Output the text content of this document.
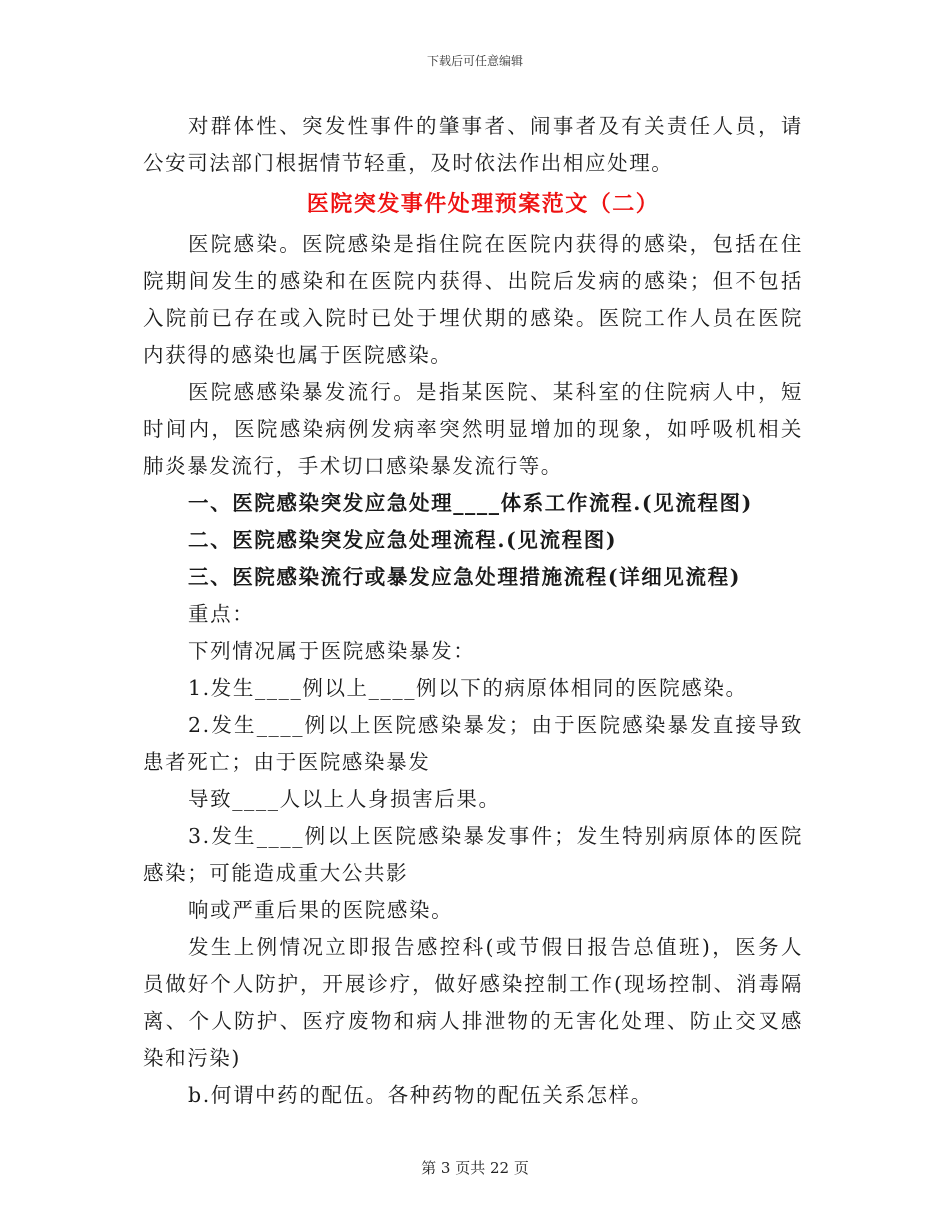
下载后可任意编辑

对群体性、突发性事件的肇事者、闹事者及有关责任人员，请公安司法部门根据情节轻重，及时依法作出相应处理。

医院突发事件处理预案范文（二）

医院感染。医院感染是指住院在医院内获得的感染，包括在住院期间发生的感染和在医院内获得、出院后发病的感染；但不包括入院前已存在或入院时已处于埋伏期的感染。医院工作人员在医院内获得的感染也属于医院感染。

医院感感染暴发流行。是指某医院、某科室的住院病人中，短时间内，医院感染病例发病率突然明显增加的现象，如呼吸机相关肺炎暴发流行，手术切口感染暴发流行等。

一、医院感染突发应急处理____体系工作流程.(见流程图)

二、医院感染突发应急处理流程.(见流程图)

三、医院感染流行或暴发应急处理措施流程(详细见流程)

重点：

下列情况属于医院感染暴发：

1.发生____例以上____例以下的病原体相同的医院感染。

2.发生____例以上医院感染暴发；由于医院感染暴发直接导致患者死亡；由于医院感染暴发

导致____人以上人身损害后果。

3.发生____例以上医院感染暴发事件；发生特别病原体的医院感染；可能造成重大公共影

响或严重后果的医院感染。

发生上例情况立即报告感控科(或节假日报告总值班)，医务人员做好个人防护，开展诊疗，做好感染控制工作(现场控制、消毒隔离、个人防护、医疗废物和病人排泄物的无害化处理、防止交叉感染和污染)

b.何谓中药的配伍。各种药物的配伍关系怎样。

第 3 页共 22 页
